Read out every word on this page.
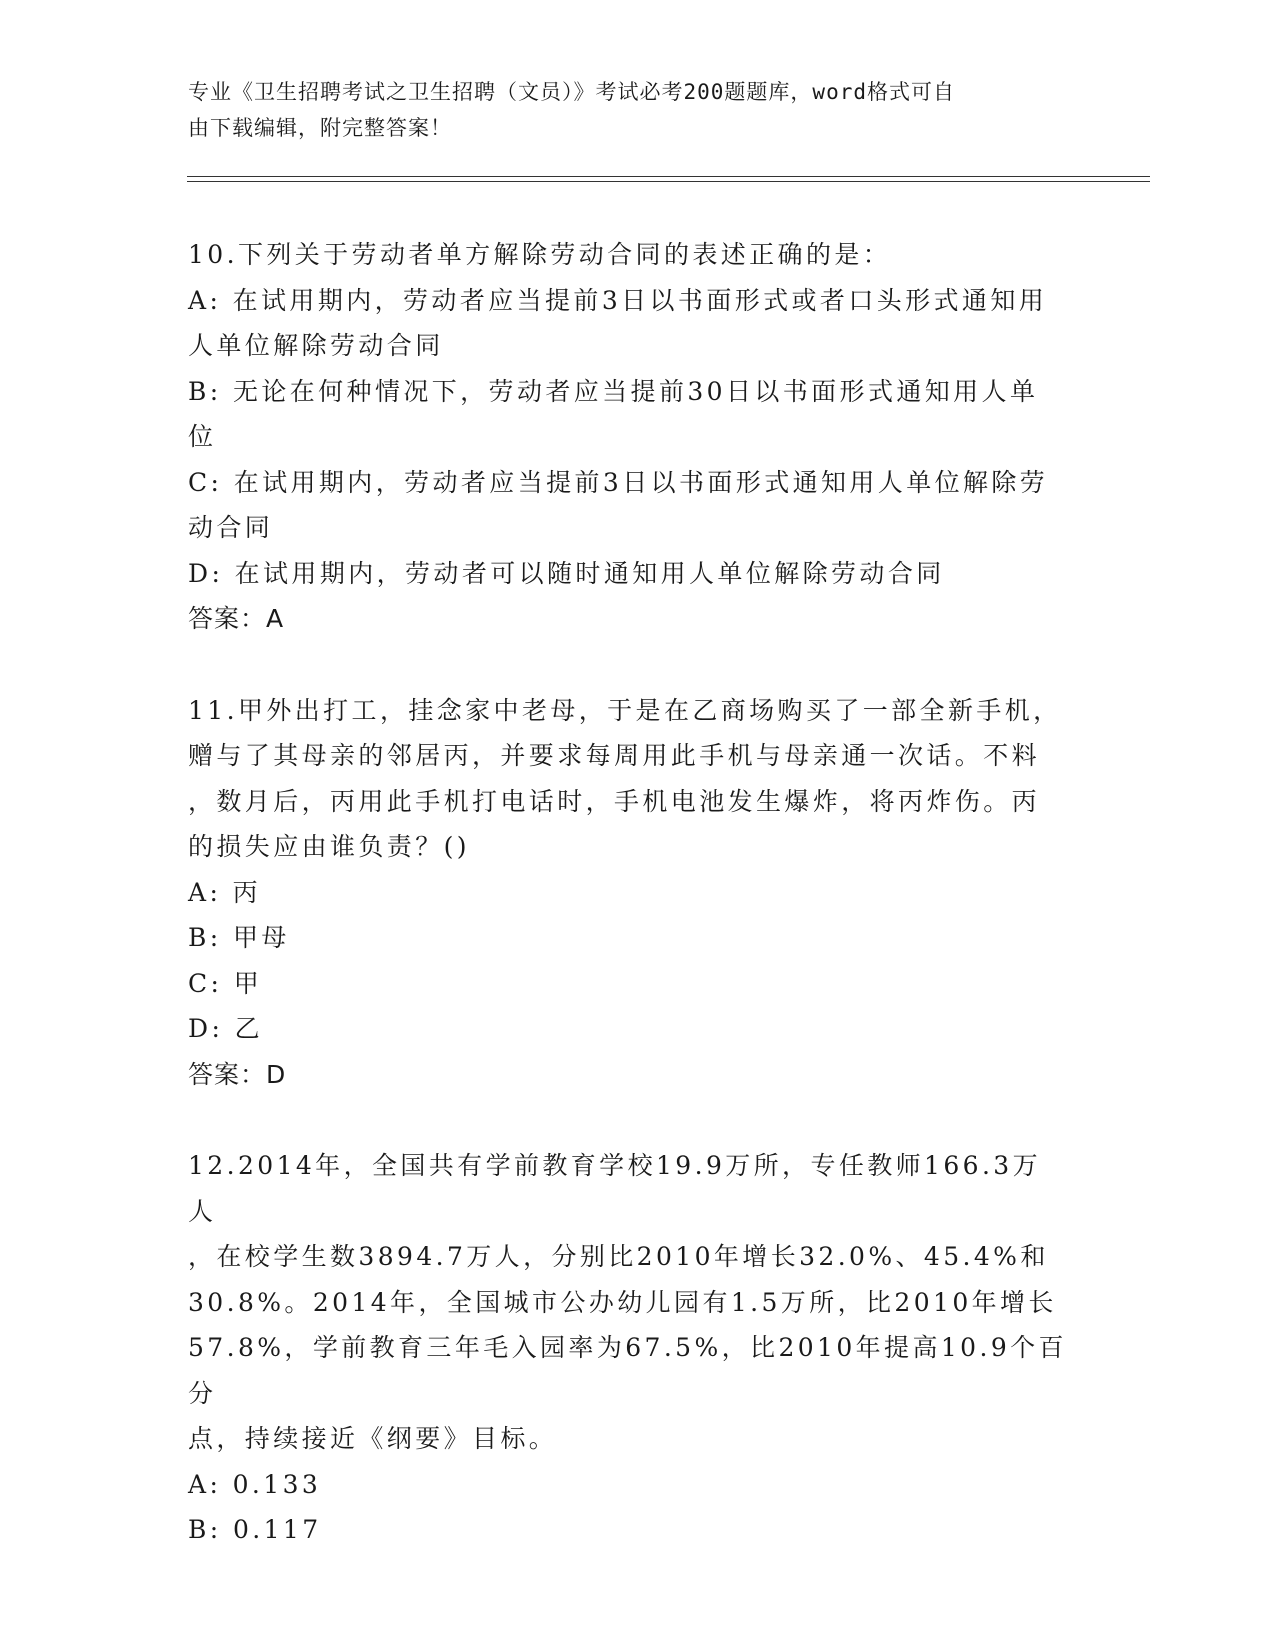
专业《卫生招聘考试之卫生招聘（文员）》考试必考200题题库，word格式可自
由下载编辑，附完整答案！
10.下列关于劳动者单方解除劳动合同的表述正确的是：
A: 在试用期内，劳动者应当提前3日以书面形式或者口头形式通知用
人单位解除劳动合同
B: 无论在何种情况下，劳动者应当提前30日以书面形式通知用人单
位
C: 在试用期内，劳动者应当提前3日以书面形式通知用人单位解除劳
动合同
D: 在试用期内，劳动者可以随时通知用人单位解除劳动合同
答案：A
11.甲外出打工，挂念家中老母，于是在乙商场购买了一部全新手机，
赠与了其母亲的邻居丙，并要求每周用此手机与母亲通一次话。不料
，数月后，丙用此手机打电话时，手机电池发生爆炸，将丙炸伤。丙
的损失应由谁负责？()
A: 丙
B: 甲母
C: 甲
D: 乙
答案：D
12.2014年，全国共有学前教育学校19.9万所，专任教师166.3万人
，在校学生数3894.7万人，分别比2010年增长32.0%、45.4%和
30.8%。2014年，全国城市公办幼儿园有1.5万所，比2010年增长
57.8%，学前教育三年毛入园率为67.5%，比2010年提高10.9个百分
点，持续接近《纲要》目标。
A: 0.133
B: 0.117
